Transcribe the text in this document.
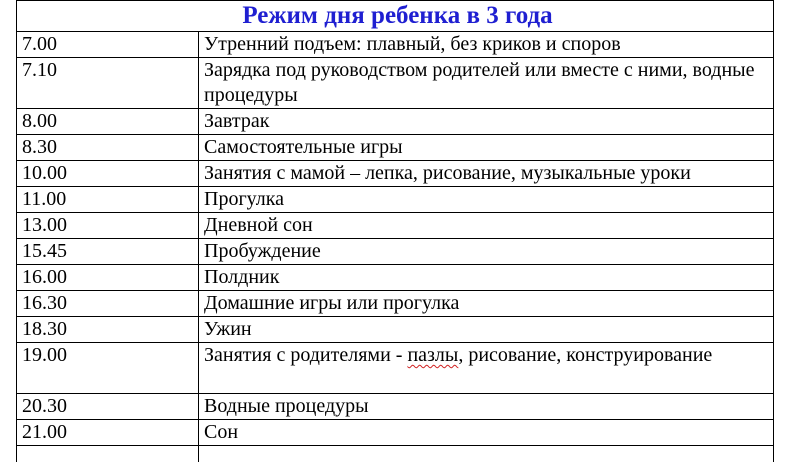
Режим дня ребенка в 3 года	

7.00	Утренний подъем: плавный, без криков и споров

7.10	Зарядка под руководством родителей или вместе с ними, водные процедуры

8.00	Завтрак

8.30	Самостоятельные игры

10.00	Занятия с мамой – лепка, рисование, музыкальные уроки

11.00	Прогулка

13.00	Дневной сон

15.45	Пробуждение

16.00	Полдник

16.30	Домашние игры или прогулка

18.30	Ужин

19.00	Занятия с родителями - пазлы, рисование, конструирование

20.30	Водные процедуры

21.00	Сон
